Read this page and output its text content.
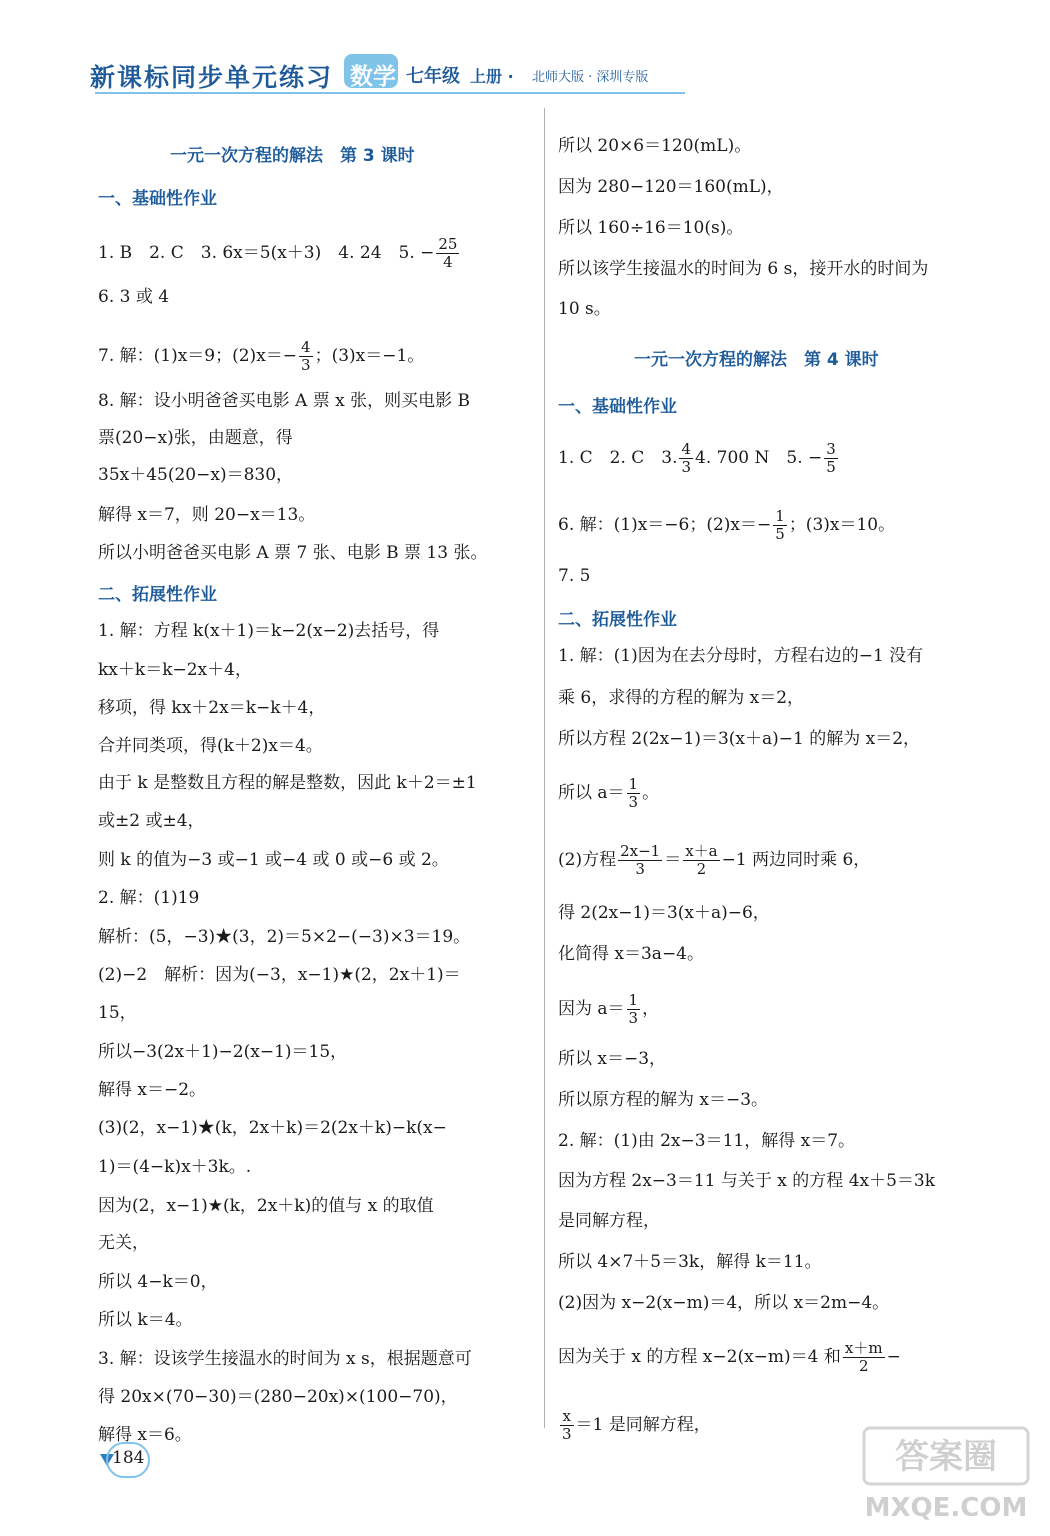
新课标同步单元练习 数学 七年级 上册 · 北师大版 · 深圳专版
一元一次方程的解法　第 3 课时
一、基础性作业
1. B　2. C　3. 6x＝5(x＋3)　4. 24　5. − $\frac{25}{4}$
6. 3 或 4
7. 解：(1)x＝9；$(2)x=- \frac{4}{3}$ ；(3)x＝−1。
8. 解：设小明爸爸买电影 A 票 x 张，则买电影 B
票(20−x)张，由题意，得
35x＋45(20−x)＝830，
解得 x＝7，则 20−x＝13。
所以小明爸爸买电影 A 票 7 张、电影 B 票 13 张。
二、拓展性作业
1. 解：方程 k(x＋1)＝k−2(x−2)去括号，得
kx＋k＝k−2x＋4，
移项，得 kx＋2x＝k−k＋4，
合并同类项，得(k＋2)x＝4。
由于 k 是整数且方程的解是整数，因此 k＋2＝±1
或±2 或±4，
则 k 的值为−3 或−1 或−4 或 0 或−6 或 2。
2. 解：(1)19
解析：(5，−3)★(3，2)＝5×2−(−3)×3＝19。
(2)−2　解析：因为(−3，x−1)★(2，2x＋1)＝
15，
所以−3(2x＋1)−2(x−1)＝15，
解得 x＝−2。
(3)(2，x−1)★(k，2x＋k)＝2(2x＋k)−k(x−
1)＝(4−k)x＋3k。.
因为(2，x−1)★(k，2x＋k)的值与 x 的取值
无关，
所以 4−k＝0，
所以 k＝4。
3. 解：设该学生接温水的时间为 x s，根据题意可
得 20x×(70−30)＝(280−20x)×(100−70)，
解得 x＝6。
所以 20×6＝120(mL)。
因为 280−120＝160(mL)，
所以 160÷16＝10(s)。
所以该学生接温水的时间为 6 s，接开水的时间为
10 s。
一元一次方程的解法　第 4 课时
一、基础性作业
1. C　2. C　3. $\frac{4}{3} 4$. 700 N　5. − $\frac{3}{5}$
6. 解：(1)x＝−6；$(2)x=- \frac{1}{5}$ ；(3)x＝10。
7. 5
二、拓展性作业
1. 解：(1)因为在去分母时，方程右边的−1 没有
乘 6，求得的方程的解为 x＝2，
所以方程 2(2x−1)＝3(x＋a)−1 的解为 x＝2，
所以 $a= \frac{1}{3}$ 。
(2)方程 $\frac{2x-1}{3} = \frac{x+a}{2} -1$ 两边同时乘 6，
得 2(2x−1)＝3(x＋a)−6，
化简得 x＝3a−4。
因为 $a= \frac{1}{3}$ ，
所以 x＝−3，
所以原方程的解为 x＝−3。
2. 解：(1)由 2x−3＝11，解得 x＝7。
因为方程 2x−3＝11 与关于 x 的方程 4x＋5＝3k
是同解方程，
所以 4×7＋5＝3k，解得 k＝11。
(2)因为 x−2(x−m)＝4，所以 x＝2m−4。
因为关于 x 的方程 x−2(x−m)＝4 和 $\frac{x+m}{2}$ −
$\frac{x}{3} =1$ 是同解方程，
184	答案圈
MXQE.COM
